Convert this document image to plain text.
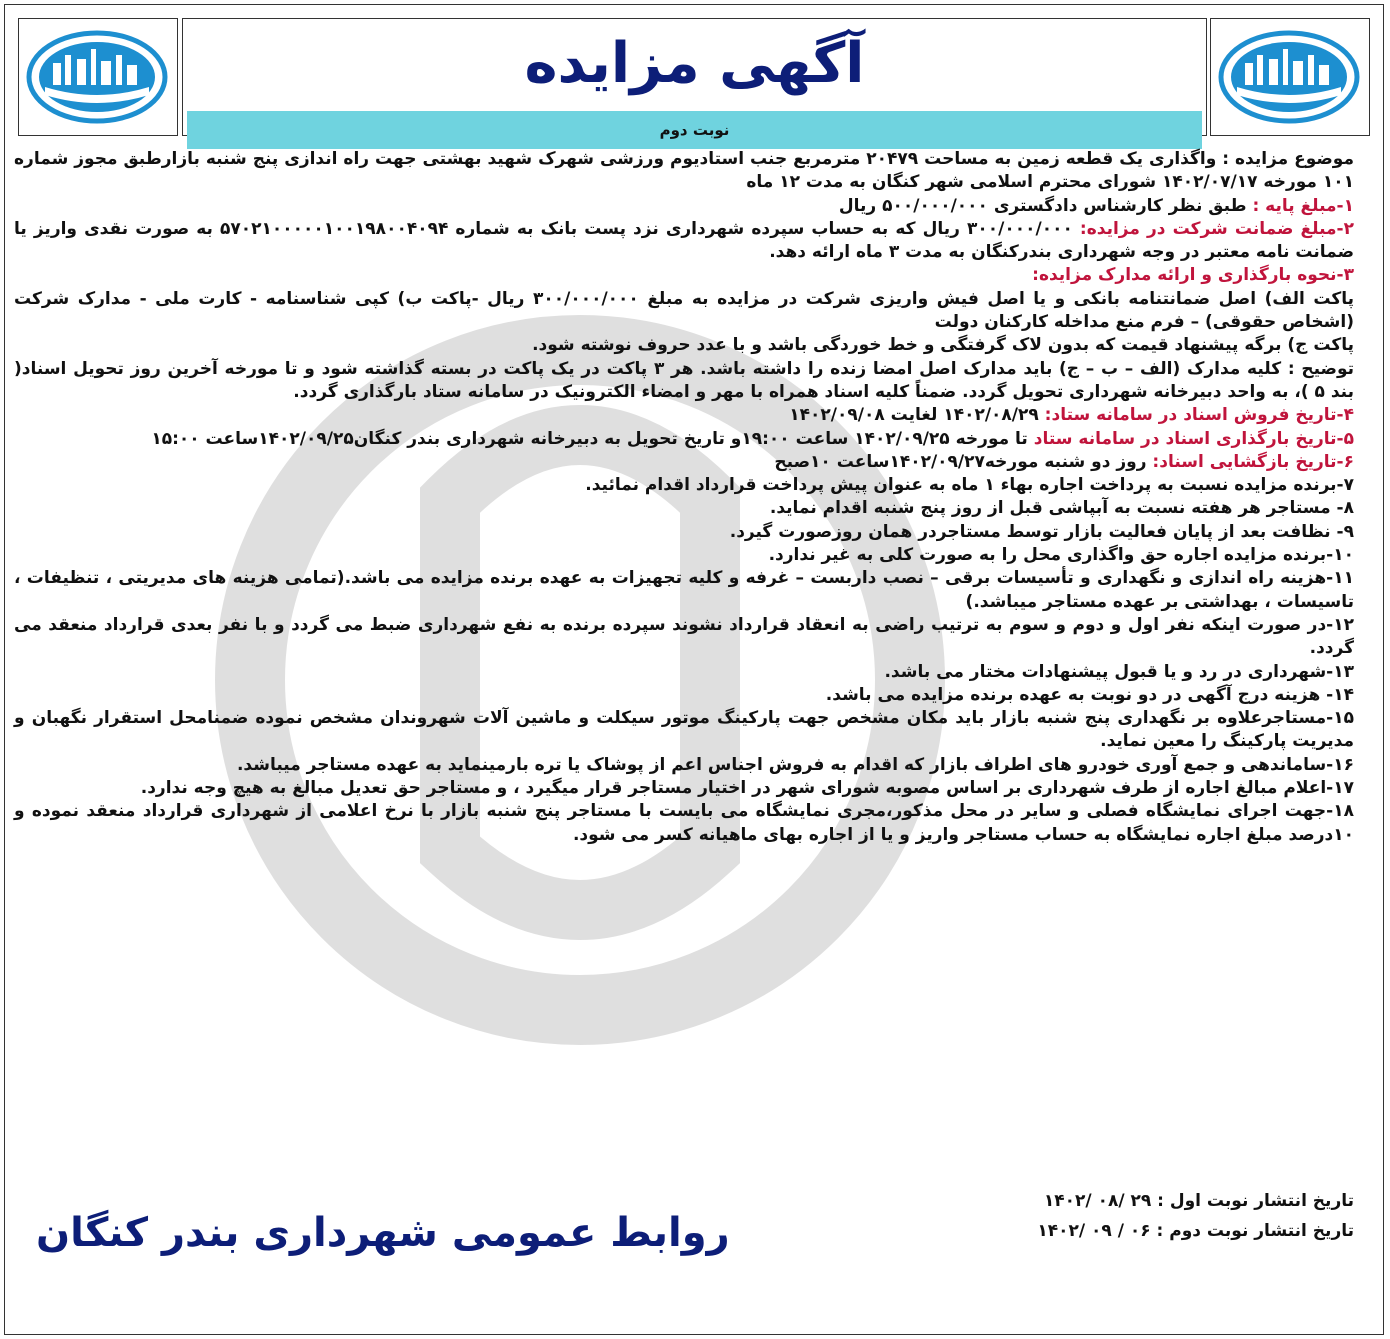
آگهی مزایده
نوبت دوم

موضوع مزایده : واگذاری یک قطعه زمین به مساحت ۲۰۴۷۹ مترمربع جنب استادیوم ورزشی شهرک شهید بهشتی جهت راه اندازی پنج شنبه بازارطبق مجوز شماره ۱۰۱ مورخه ۱۴۰۲/۰۷/۱۷ شورای محترم اسلامی شهر کنگان به مدت ۱۲ ماه

۱-مبلغ پایه : طبق نظر کارشناس دادگستری ۵۰۰/۰۰۰/۰۰۰ ریال

۲-مبلغ ضمانت شرکت در مزایده: ۳۰۰/۰۰۰/۰۰۰ ریال که به حساب سپرده شهرداری نزد پست بانک به شماره ۵۷۰۲۱۰۰۰۰۰۱۰۰۱۹۸۰۰۴۰۹۴ به صورت نقدی واریز یا ضمانت نامه معتبر در وجه شهرداری بندرکنگان به مدت ۳ ماه ارائه دهد.

۳-نحوه بارگذاری و ارائه مدارک مزایده:

پاکت الف) اصل ضمانتنامه بانکی و یا اصل فیش واریزی شرکت در مزایده به مبلغ ۳۰۰/۰۰۰/۰۰۰ ریال -پاکت ب) کپی شناسنامه - کارت ملی - مدارک شرکت (اشخاص حقوقی) – فرم منع مداخله کارکنان دولت

پاکت ج) برگه پیشنهاد قیمت که بدون لاک گرفتگی و خط خوردگی باشد و با عدد حروف نوشته شود.

توضیح : کلیه مدارک (الف – ب – ج) باید مدارک اصل امضا زنده را داشته باشد. هر ۳ پاکت در یک پاکت در بسته گذاشته شود و تا مورخه آخرین روز تحویل اسناد( بند ۵ )، به واحد دبیرخانه شهرداری تحویل گردد. ضمناً کلیه اسناد همراه با مهر و امضاء الکترونیک در سامانه ستاد بارگذاری گردد.

۴-تاریخ فروش اسناد در سامانه ستاد: ۱۴۰۲/۰۸/۲۹ لغایت ۱۴۰۲/۰۹/۰۸

۵-تاریخ بارگذاری اسناد در سامانه ستاد تا مورخه ۱۴۰۲/۰۹/۲۵ ساعت ۱۹:۰۰و تاریخ تحویل به دبیرخانه شهرداری بندر کنگان۱۴۰۲/۰۹/۲۵ساعت ۱۵:۰۰

۶-تاریخ بازگشایی اسناد: روز دو شنبه مورخه۱۴۰۲/۰۹/۲۷ساعت ۱۰صبح

۷-برنده مزایده نسبت به پرداخت اجاره بهاء ۱ ماه به عنوان پیش پرداخت قرارداد اقدام نمائید.

۸- مستاجر هر هفته نسبت به آبپاشی قبل از روز پنج شنبه اقدام نماید.

۹- نظافت بعد از پایان فعالیت بازار توسط مستاجردر همان روزصورت گیرد.

۱۰-برنده مزایده اجاره حق واگذاری محل را به صورت کلی به غیر ندارد.

۱۱-هزینه راه اندازی و نگهداری و تأسیسات برقی – نصب داربست – غرفه و کلیه تجهیزات به عهده برنده مزایده می باشد.(تمامی هزینه های مدیریتی ، تنظیفات ، تاسیسات ، بهداشتی بر عهده مستاجر میباشد.)

۱۲-در صورت اینکه نفر اول و دوم و سوم به ترتیب راضی به انعقاد قرارداد نشوند سپرده برنده به نفع شهرداری ضبط می گردد و با نفر بعدی قرارداد منعقد می گردد.

۱۳-شهرداری در رد و یا قبول پیشنهادات مختار می باشد.

۱۴- هزینه درج آگهی در دو نوبت به عهده برنده مزایده می باشد.

۱۵-مستاجرعلاوه بر نگهداری پنج شنبه بازار باید مکان مشخص جهت پارکینگ موتور سیکلت و ماشین آلات شهروندان مشخص نموده ضمنامحل استقرار نگهبان و مدیریت پارکینگ را معین نماید.

۱۶-ساماندهی و جمع آوری خودرو های اطراف بازار که اقدام به فروش اجناس اعم از پوشاک یا تره بارمینماید به عهده مستاجر میباشد.

۱۷-اعلام مبالغ اجاره از طرف شهرداری بر اساس مصوبه شورای شهر در اختیار مستاجر قرار میگیرد ، و مستاجر حق تعدیل مبالغ به هیچ وجه ندارد.

۱۸-جهت اجرای نمایشگاه فصلی و سایر در محل مذکور،مجری نمایشگاه می بایست با مستاجر پنج شنبه بازار با نرخ اعلامی از شهرداری قرارداد منعقد نموده و ۱۰درصد مبلغ اجاره نمایشگاه به حساب مستاجر واریز و یا از اجاره بهای ماهیانه کسر می شود.

تاریخ انتشار نوبت اول : ۲۹ /۰۸ /۱۴۰۲
تاریخ انتشار نوبت دوم : ۰۶ / ۰۹ /۱۴۰۲
روابط عمومی شهرداری بندر کنگان
